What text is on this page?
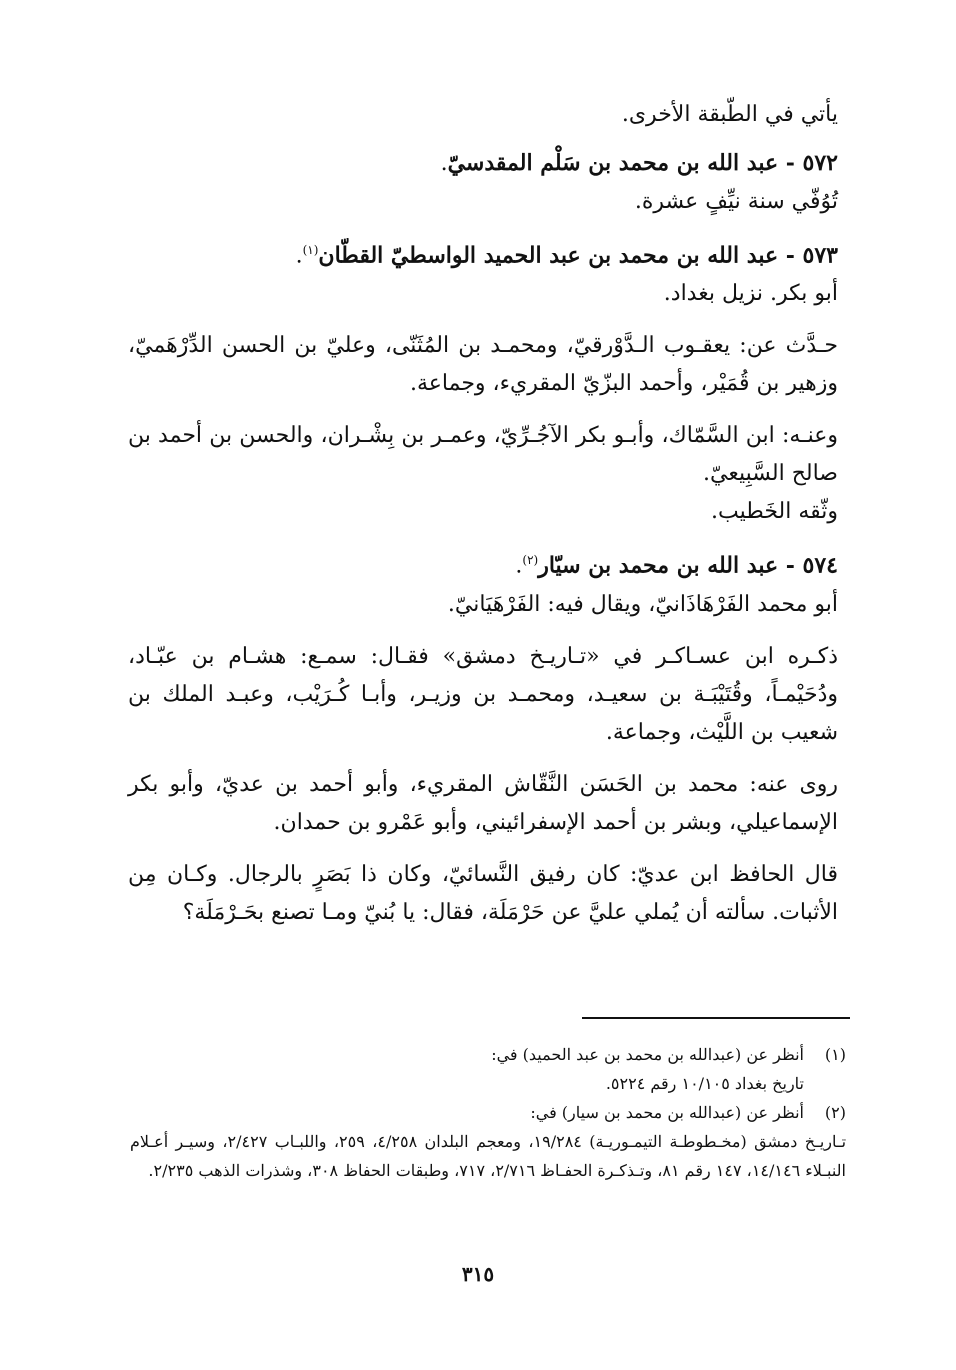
يأتي في الطّبقة الأخرى.

٥٧٢ - عبد الله بن محمد بن سَلْم المقدسيّ.

تُوُفّي سنة نيِّفٍ عشرة.

٥٧٣ - عبد الله بن محمد بن عبد الحميد الواسطيّ القطّان$^{(١)}$.

أبو بكر. نزيل بغداد.

حـدَّث عن: يعقـوب الـدَّوْرقيّ، ومحمـد بن المُثَنّى، وعليّ بن الحسن الدِّرْهَميّ، وزهير بن قُمَيْر، وأحمد البزّيّ المقريء، وجماعة.

وعنـه: ابن السَّمّاك، وأبـو بكر الآجُـرِّيّ، وعمـر بن بِشْـران، والحسن بن أحمد بن صالح السَّبِيعيّ.

وثّقه الخَطيب.

٥٧٤ - عبد الله بن محمد بن سيّار$^{(٢)}$.

أبو محمد الفَرْهَاذَانيّ، ويقال فيه: الفَرْهَيَانيّ.

ذكـره ابن عسـاكـر في «تـاريـخ دمشق» فقـال: سمـع: هشـام بن عبّـاد، ودُحَيْمـاً، وقُتَيْبَـة بن سعيـد، ومحمـد بن وزيـر، وأبـا كُـرَيْب، وعبـد الملك بن شعيب بن اللَّيْث، وجماعة.

روى عنه: محمد بن الحَسَن النَّقّاش المقريء، وأبو أحمد بن عديّ، وأبو بكر الإسماعيلي، وبشر بن أحمد الإسفرائيني، وأبو عَمْرو بن حمدان.

قال الحافظ ابن عديّ: كان رفيق النَّسائيّ، وكان ذا بَصَرٍ بالرجال. وكـان مِن الأثبات. سألته أن يُملي عليَّ عن حَرْمَلَة، فقال: يا بُنيّ ومـا تصنع بحَـرْمَلَة؟

(١)
أنظر عن (عبدالله بن محمد بن عبد الحميد) في:
تاريخ بغداد ١٠/١٠٥ رقم ٥٢٢٤.
(٢)
أنظر عن (عبدالله بن محمد بن سيار) في:
تـاريـخ دمشق (مخـطوطـة التيمـوريـة) ١٩/٢٨٤، ومعجم البلدان ٤/٢٥٨، ٢٥٩، واللبـاب ٢/٤٢٧، وسيـر أعـلام النبـلاء ١٤/١٤٦، ١٤٧ رقم ٨١، وتـذكـرة الحفـاظ ٢/٧١٦، ٧١٧، وطبقات الحفاظ ٣٠٨، وشذرات الذهب ٢/٢٣٥.
٣١٥
